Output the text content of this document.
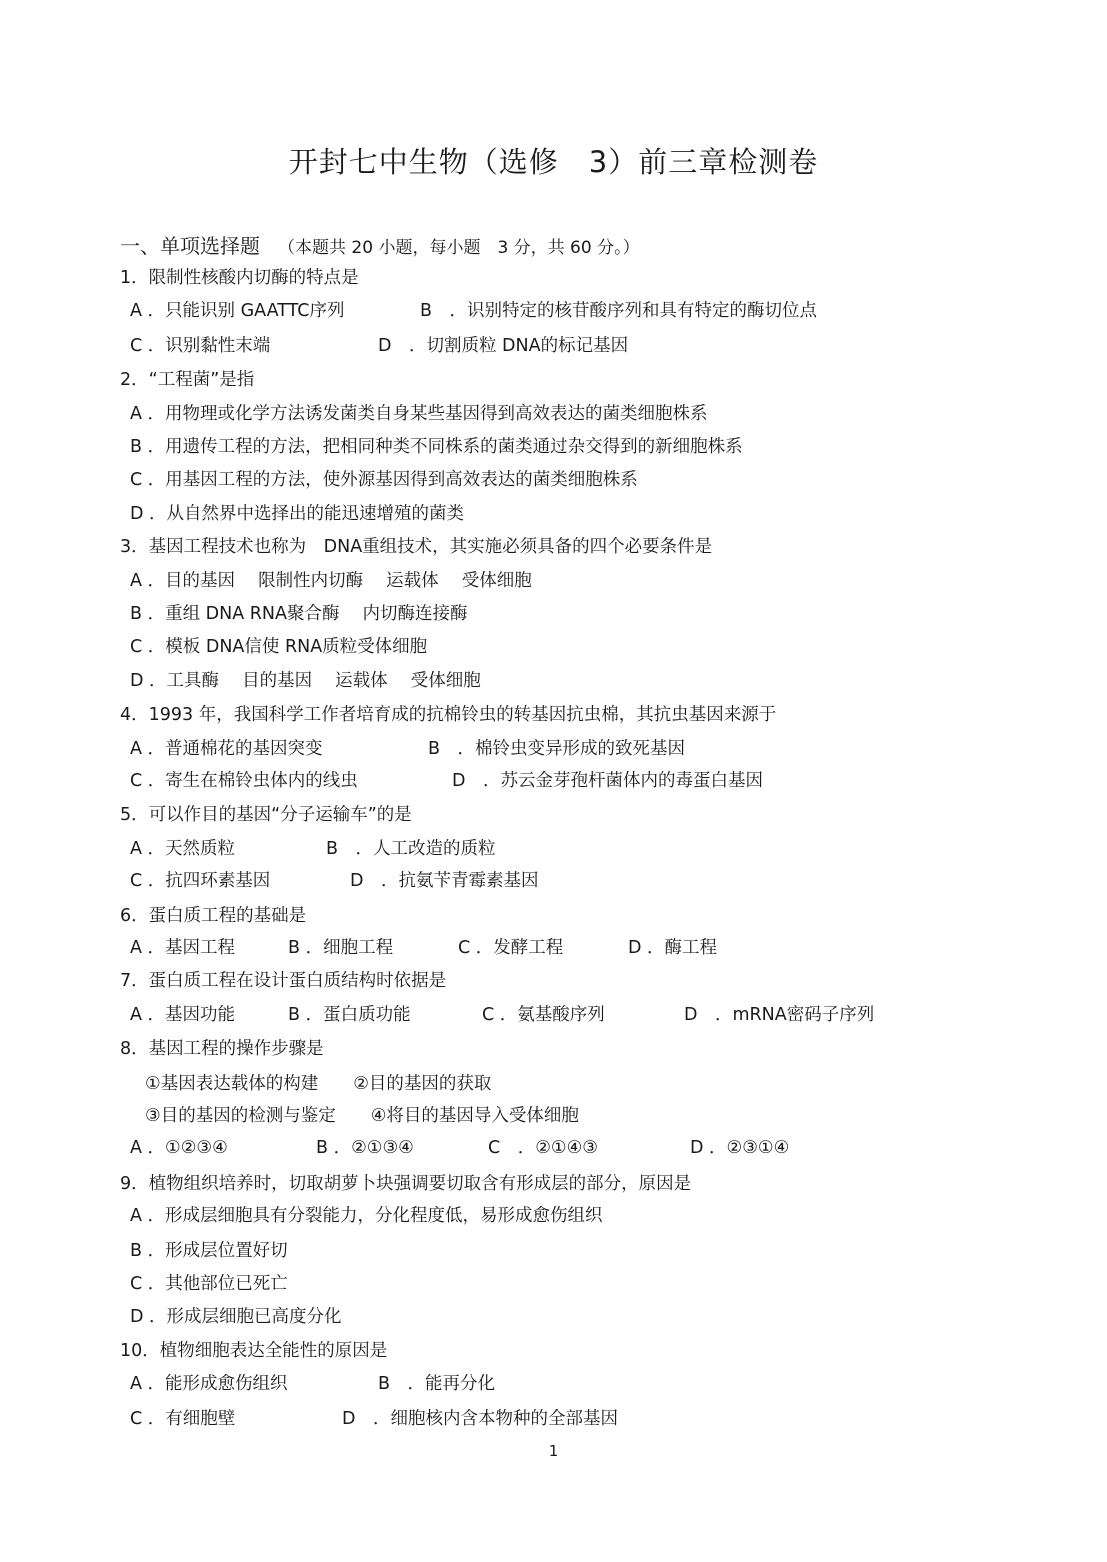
开封七中生物（选修　3）前三章检测卷
一、单项选择题 （本题共 20 小题，每小题　3 分，共 60 分。）
1．限制性核酸内切酶的特点是
A ．只能识别 GAATTC序列	B　．识别特定的核苷酸序列和具有特定的酶切位点
C ．识别黏性末端	D　．切割质粒 DNA的标记基因
2．“工程菌”是指
A ．用物理或化学方法诱发菌类自身某些基因得到高效表达的菌类细胞株系
B ．用遗传工程的方法，把相同种类不同株系的菌类通过杂交得到的新细胞株系
C ．用基因工程的方法，使外源基因得到高效表达的菌类细胞株系
D ．从自然界中选择出的能迅速增殖的菌类
3．基因工程技术也称为　DNA重组技术，其实施必须具备的四个必要条件是
A ．目的基因　 限制性内切酶　 运载体　 受体细胞
B ．重组 DNA RNA聚合酶　 内切酶连接酶
C ．模板 DNA信使 RNA质粒受体细胞
D ．工具酶　 目的基因　 运载体　 受体细胞
4．1993 年，我国科学工作者培育成的抗棉铃虫的转基因抗虫棉，其抗虫基因来源于
A ．普通棉花的基因突变	B　．棉铃虫变异形成的致死基因
C ．寄生在棉铃虫体内的线虫	D　．苏云金芽孢杆菌体内的毒蛋白基因
5．可以作目的基因“分子运输车”的是
A ．天然质粒	B　．人工改造的质粒
C ．抗四环素基因	D　．抗氨苄青霉素基因
6．蛋白质工程的基础是
A ．基因工程	B ．细胞工程	C ．发酵工程	D ．酶工程
7．蛋白质工程在设计蛋白质结构时依据是
A ．基因功能	B ．蛋白质功能	C ．氨基酸序列	D　．mRNA密码子序列
8．基因工程的操作步骤是
①基因表达载体的构建　　②目的基因的获取
③目的基因的检测与鉴定　　④将目的基因导入受体细胞
A ．①②③④	B ．②①③④	C　．②①④③	D ．②③①④
9．植物组织培养时，切取胡萝卜块强调要切取含有形成层的部分，原因是
A ．形成层细胞具有分裂能力，分化程度低，易形成愈伤组织
B ．形成层位置好切
C ．其他部位已死亡
D ．形成层细胞已高度分化
10．植物细胞表达全能性的原因是
A ．能形成愈伤组织	B　．能再分化
C ．有细胞壁	D　．细胞核内含本物种的全部基因
1
